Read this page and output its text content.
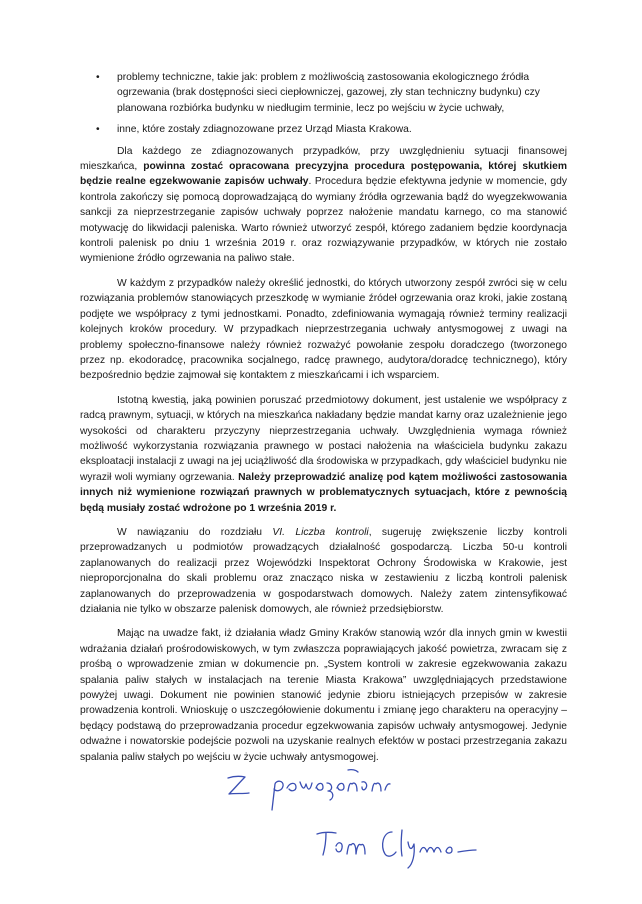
• problemy techniczne, takie jak: problem z możliwością zastosowania ekologicznego źródła ogrzewania (brak dostępności sieci ciepłowniczej, gazowej, zły stan techniczny budynku) czy planowana rozbiórka budynku w niedługim terminie, lecz po wejściu w życie uchwały,
• inne, które zostały zdiagnozowane przez Urząd Miasta Krakowa.

Dla każdego ze zdiagnozowanych przypadków, przy uwzględnieniu sytuacji finansowej mieszkańca, powinna zostać opracowana precyzyjna procedura postępowania, której skutkiem będzie realne egzekwowanie zapisów uchwały. Procedura będzie efektywna jedynie w momencie, gdy kontrola zakończy się pomocą doprowadzającą do wymiany źródła ogrzewania bądź do wyegzekwowania sankcji za nieprzestrzeganie zapisów uchwały poprzez nałożenie mandatu karnego, co ma stanowić motywację do likwidacji paleniska. Warto również utworzyć zespół, którego zadaniem będzie koordynacja kontroli palenisk po dniu 1 września 2019 r. oraz rozwiązywanie przypadków, w których nie zostało wymienione źródło ogrzewania na paliwo stałe.

W każdym z przypadków należy określić jednostki, do których utworzony zespół zwróci się w celu rozwiązania problemów stanowiących przeszkodę w wymianie źródeł ogrzewania oraz kroki, jakie zostaną podjęte we współpracy z tymi jednostkami. Ponadto, zdefiniowania wymagają również terminy realizacji kolejnych kroków procedury. W przypadkach nieprzestrzegania uchwały antysmogowej z uwagi na problemy społeczno-finansowe należy również rozważyć powołanie zespołu doradczego (tworzonego przez np. ekodoradcę, pracownika socjalnego, radcę prawnego, audytora/doradcę technicznego), który bezpośrednio będzie zajmował się kontaktem z mieszkańcami i ich wsparciem.

Istotną kwestią, jaką powinien poruszać przedmiotowy dokument, jest ustalenie we współpracy z radcą prawnym, sytuacji, w których na mieszkańca nakładany będzie mandat karny oraz uzależnienie jego wysokości od charakteru przyczyny nieprzestrzegania uchwały. Uwzględnienia wymaga również możliwość wykorzystania rozwiązania prawnego w postaci nałożenia na właściciela budynku zakazu eksploatacji instalacji z uwagi na jej uciążliwość dla środowiska w przypadkach, gdy właściciel budynku nie wyraził woli wymiany ogrzewania. Należy przeprowadzić analizę pod kątem możliwości zastosowania innych niż wymienione rozwiązań prawnych w problematycznych sytuacjach, które z pewnością będą musiały zostać wdrożone po 1 września 2019 r.

W nawiązaniu do rozdziału VI. Liczba kontroli, sugeruję zwiększenie liczby kontroli przeprowadzanych u podmiotów prowadzących działalność gospodarczą. Liczba 50-u kontroli zaplanowanych do realizacji przez Wojewódzki Inspektorat Ochrony Środowiska w Krakowie, jest nieproporcjonalna do skali problemu oraz znacząco niska w zestawieniu z liczbą kontroli palenisk zaplanowanych do przeprowadzenia w gospodarstwach domowych. Należy zatem zintensyfikować działania nie tylko w obszarze palenisk domowych, ale również przedsiębiorstw.

Mając na uwadze fakt, iż działania władz Gminy Kraków stanowią wzór dla innych gmin w kwestii wdrażania działań prośrodowiskowych, w tym zwłaszcza poprawiających jakość powietrza, zwracam się z prośbą o wprowadzenie zmian w dokumencie pn. „System kontroli w zakresie egzekwowania zakazu spalania paliw stałych w instalacjach na terenie Miasta Krakowa” uwzględniających przedstawione powyżej uwagi. Dokument nie powinien stanowić jedynie zbioru istniejących przepisów w zakresie prowadzenia kontroli. Wnioskuję o uszczegółowienie dokumentu i zmianę jego charakteru na operacyjny – będący podstawą do przeprowadzania procedur egzekwowania zapisów uchwały antysmogowej. Jedynie odważne i nowatorskie podejście pozwoli na uzyskanie realnych efektów w postaci przestrzegania zakazu spalania paliw stałych po wejściu w życie uchwały antysmogowej.
